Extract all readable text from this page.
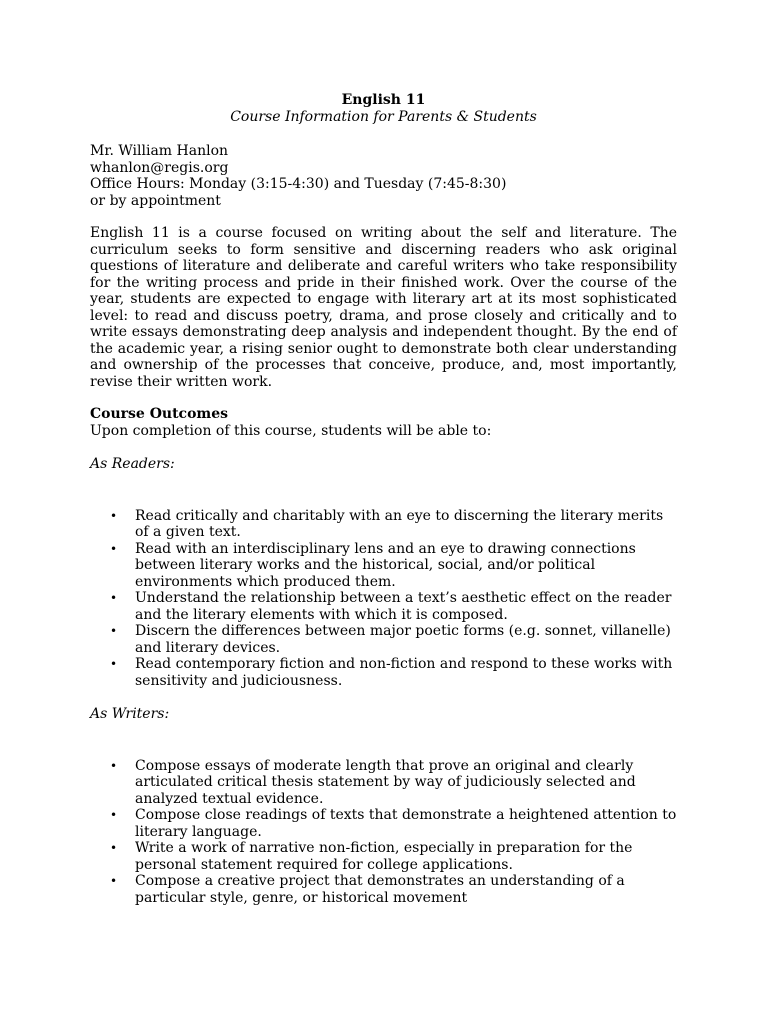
English 11

Course Information for Parents & Students

Mr. William Hanlon

whanlon@regis.org

Office Hours: Monday (3:15-4:30) and Tuesday (7:45-8:30)

or by appointment

English 11 is a course focused on writing about the self and literature. The curriculum seeks to form sensitive and discerning readers who ask original questions of literature and deliberate and careful writers who take responsibility for the writing process and pride in their finished work. Over the course of the year, students are expected to engage with literary art at its most sophisticated level: to read and discuss poetry, drama, and prose closely and critically and to write essays demonstrating deep analysis and independent thought. By the end of the academic year, a rising senior ought to demonstrate both clear understanding and ownership of the processes that conceive, produce, and, most importantly, revise their written work.

Course Outcomes

Upon completion of this course, students will be able to:

As Readers:

• Read critically and charitably with an eye to discerning the literary merits of a given text.
• Read with an interdisciplinary lens and an eye to drawing connections between literary works and the historical, social, and/or political environments which produced them.
• Understand the relationship between a text’s aesthetic effect on the reader and the literary elements with which it is composed.
• Discern the differences between major poetic forms (e.g. sonnet, villanelle) and literary devices.
• Read contemporary fiction and non-fiction and respond to these works with sensitivity and judiciousness.

As Writers:

• Compose essays of moderate length that prove an original and clearly articulated critical thesis statement by way of judiciously selected and analyzed textual evidence.
• Compose close readings of texts that demonstrate a heightened attention to literary language.
• Write a work of narrative non-fiction, especially in preparation for the personal statement required for college applications.
• Compose a creative project that demonstrates an understanding of a particular style, genre, or historical movement
